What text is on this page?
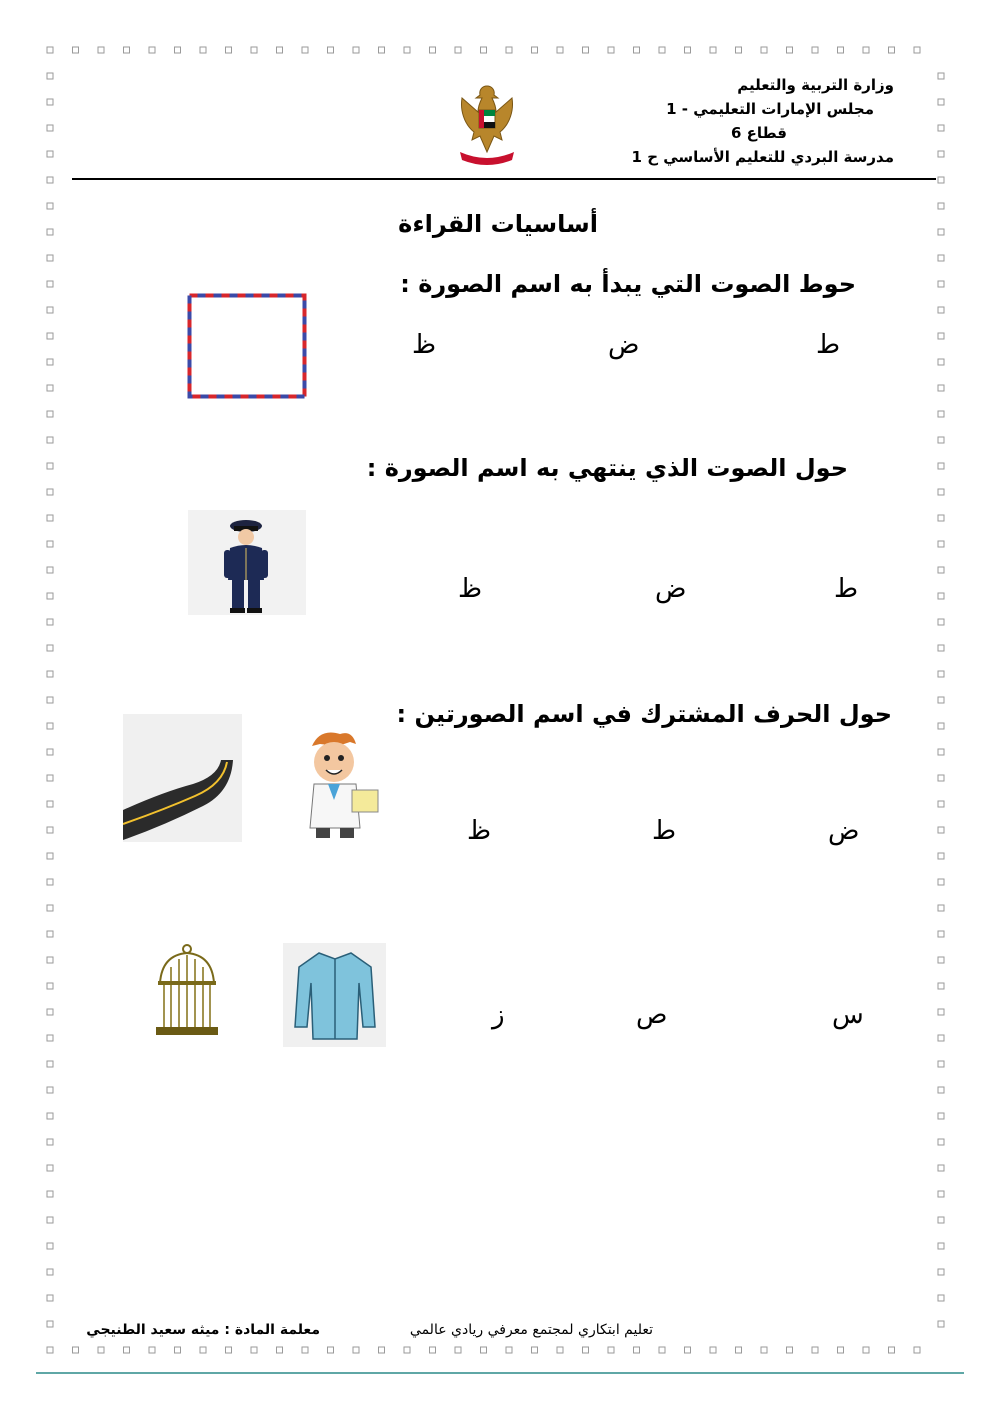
وزارة التربية والتعليم
مجلس الإمارات التعليمي - 1
قطاع 6
مدرسة البردي للتعليم الأساسي ح 1
أساسيات القراءة
حوط الصوت التي يبدأ به اسم الصورة :
ط
ض
ظ
حول الصوت الذي ينتهي به اسم الصورة :
ط
ض
ظ
حول الحرف المشترك في اسم الصورتين :
ض
ط
ظ
س
ص
ز
تعليم ابتكاري لمجتمع معرفي ريادي عالمي
معلمة المادة : ميثه سعيد الطنيجي
